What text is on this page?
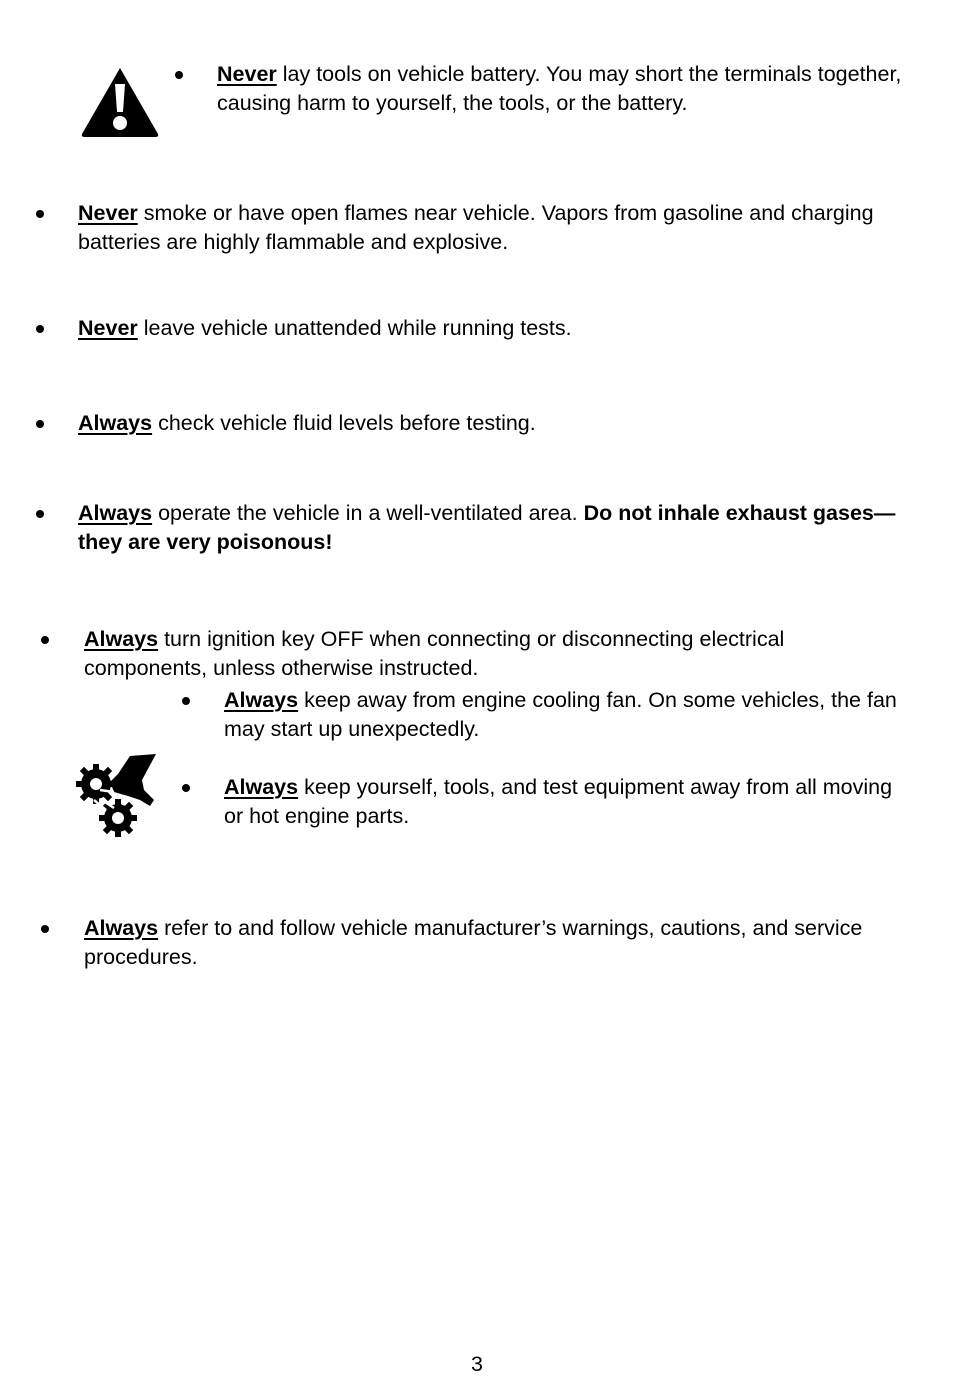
Never lay tools on vehicle battery. You may short the terminals together, causing harm to yourself, the tools, or the battery.
Never smoke or have open flames near vehicle. Vapors from gasoline and charging batteries are highly flammable and explosive.
Never leave vehicle unattended while running tests.
Always check vehicle fluid levels before testing.
Always operate the vehicle in a well-ventilated area. Do not inhale exhaust gases—they are very poisonous!
Always turn ignition key OFF when connecting or disconnecting electrical components, unless otherwise instructed.
Always keep away from engine cooling fan. On some vehicles, the fan may start up unexpectedly.
Always keep yourself, tools, and test equipment away from all moving or hot engine parts.
Always refer to and follow vehicle manufacturer’s warnings, cautions, and service procedures.
3
